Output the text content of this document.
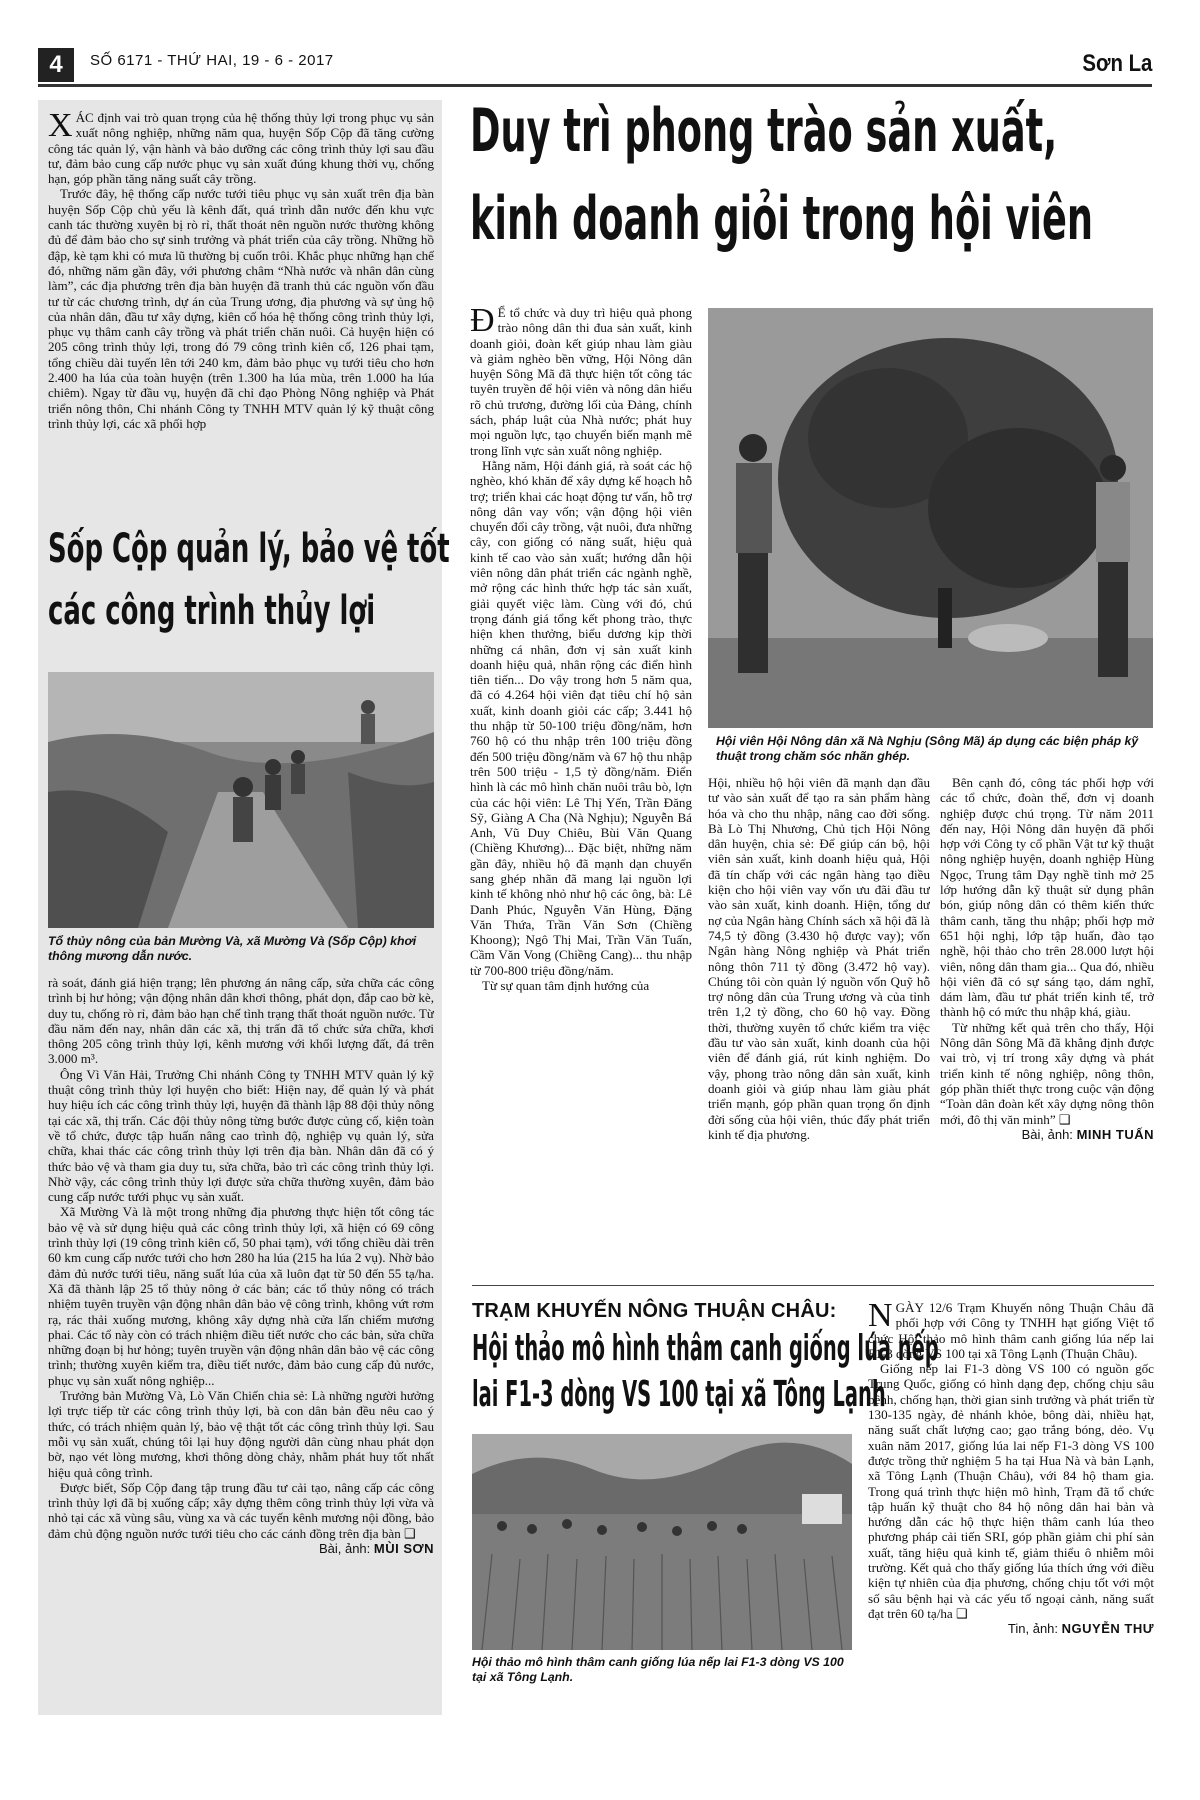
4	SỐ 6171 - THỨ HAI, 19 - 6 - 2017	Sơn La

XÁC định vai trò quan trọng của hệ thống thủy lợi trong phục vụ sản xuất nông nghiệp, những năm qua, huyện Sốp Cộp đã tăng cường công tác quản lý, vận hành và bảo dưỡng các công trình thủy lợi sau đầu tư, đảm bảo cung cấp nước phục vụ sản xuất đúng khung thời vụ, chống hạn, góp phần tăng năng suất cây trồng.

Trước đây, hệ thống cấp nước tưới tiêu phục vụ sản xuất trên địa bàn huyện Sốp Cộp chủ yếu là kênh đất, quá trình dẫn nước đến khu vực canh tác thường xuyên bị rò rỉ, thất thoát nên nguồn nước thường không đủ để đảm bảo cho sự sinh trưởng và phát triển của cây trồng. Những hồ đập, kè tạm khi có mưa lũ thường bị cuốn trôi. Khắc phục những hạn chế đó, những năm gần đây, với phương châm “Nhà nước và nhân dân cùng làm”, các địa phương trên địa bàn huyện đã tranh thủ các nguồn vốn đầu tư từ các chương trình, dự án của Trung ương, địa phương và sự ủng hộ của nhân dân, đầu tư xây dựng, kiên cố hóa hệ thống công trình thủy lợi, phục vụ thâm canh cây trồng và phát triển chăn nuôi. Cả huyện hiện có 205 công trình thủy lợi, trong đó 79 công trình kiên cố, 126 phai tạm, tổng chiều dài tuyến lên tới 240 km, đảm bảo phục vụ tưới tiêu cho hơn 2.400 ha lúa của toàn huyện (trên 1.300 ha lúa mùa, trên 1.000 ha lúa chiêm). Ngay từ đầu vụ, huyện đã chỉ đạo Phòng Nông nghiệp và Phát triển nông thôn, Chi nhánh Công ty TNHH MTV quản lý kỹ thuật công trình thủy lợi, các xã phối hợp

Sốp Cộp quản lý, bảo vệ tốt
các công trình thủy lợi
Tổ thủy nông của bản Mường Và, xã Mường Và (Sốp Cộp) khơi thông mương dẫn nước.

rà soát, đánh giá hiện trạng; lên phương án nâng cấp, sửa chữa các công trình bị hư hỏng; vận động nhân dân khơi thông, phát dọn, đắp cao bờ kè, duy tu, chống rò rỉ, đảm bảo hạn chế tình trạng thất thoát nguồn nước. Từ đầu năm đến nay, nhân dân các xã, thị trấn đã tổ chức sửa chữa, khơi thông 205 công trình thủy lợi, kênh mương với khối lượng đất, đá trên 3.000 m³.

Ông Vì Văn Hải, Trưởng Chi nhánh Công ty TNHH MTV quản lý kỹ thuật công trình thủy lợi huyện cho biết: Hiện nay, để quản lý và phát huy hiệu ích các công trình thủy lợi, huyện đã thành lập 88 đội thủy nông tại các xã, thị trấn. Các đội thủy nông từng bước được củng cố, kiện toàn về tổ chức, được tập huấn nâng cao trình độ, nghiệp vụ quản lý, sửa chữa, khai thác các công trình thủy lợi trên địa bàn. Nhân dân đã có ý thức bảo vệ và tham gia duy tu, sửa chữa, bảo trì các công trình thủy lợi. Nhờ vậy, các công trình thủy lợi được sửa chữa thường xuyên, đảm bảo cung cấp nước tưới phục vụ sản xuất.

Xã Mường Và là một trong những địa phương thực hiện tốt công tác bảo vệ và sử dụng hiệu quả các công trình thủy lợi, xã hiện có 69 công trình thủy lợi (19 công trình kiên cố, 50 phai tạm), với tổng chiều dài trên 60 km cung cấp nước tưới cho hơn 280 ha lúa (215 ha lúa 2 vụ). Nhờ bảo đảm đủ nước tưới tiêu, năng suất lúa của xã luôn đạt từ 50 đến 55 tạ/ha. Xã đã thành lập 25 tổ thủy nông ở các bản; các tổ thủy nông có trách nhiệm tuyên truyền vận động nhân dân bảo vệ công trình, không vứt rơm rạ, rác thải xuống mương, không xây dựng nhà cửa lấn chiếm mương phai. Các tổ này còn có trách nhiệm điều tiết nước cho các bản, sửa chữa những đoạn bị hư hỏng; tuyên truyền vận động nhân dân bảo vệ các công trình; thường xuyên kiểm tra, điều tiết nước, đảm bảo cung cấp đủ nước, phục vụ sản xuất nông nghiệp...

Trưởng bản Mường Và, Lò Văn Chiến chia sẻ: Là những người hưởng lợi trực tiếp từ các công trình thủy lợi, bà con dân bản đều nêu cao ý thức, có trách nhiệm quản lý, bảo vệ thật tốt các công trình thủy lợi. Sau mỗi vụ sản xuất, chúng tôi lại huy động người dân cùng nhau phát dọn bờ, nạo vét lòng mương, khơi thông dòng chảy, nhằm phát huy tốt nhất hiệu quả công trình.

Được biết, Sốp Cộp đang tập trung đầu tư cải tạo, nâng cấp các công trình thủy lợi đã bị xuống cấp; xây dựng thêm công trình thủy lợi vừa và nhỏ tại các xã vùng sâu, vùng xa và các tuyến kênh mương nội đồng, bảo đảm chủ động nguồn nước tưới tiêu cho các cánh đồng trên địa bàn ❑

Bài, ảnh: MÙI SƠN

Duy trì phong trào sản xuất,
kinh doanh giỏi trong hội viên
Hội viên Hội Nông dân xã Nà Nghịu (Sông Mã) áp dụng các biện pháp kỹ thuật trong chăm sóc nhãn ghép.

Đ Ể tổ chức và duy trì hiệu quả phong trào nông dân thi đua sản xuất, kinh doanh giỏi, đoàn kết giúp nhau làm giàu và giảm nghèo bền vững, Hội Nông dân huyện Sông Mã đã thực hiện tốt công tác tuyên truyền để hội viên và nông dân hiểu rõ chủ trương, đường lối của Đảng, chính sách, pháp luật của Nhà nước; phát huy mọi nguồn lực, tạo chuyển biến mạnh mẽ trong lĩnh vực sản xuất nông nghiệp.

Hằng năm, Hội đánh giá, rà soát các hộ nghèo, khó khăn để xây dựng kế hoạch hỗ trợ; triển khai các hoạt động tư vấn, hỗ trợ nông dân vay vốn; vận động hội viên chuyển đổi cây trồng, vật nuôi, đưa những cây, con giống có năng suất, hiệu quả kinh tế cao vào sản xuất; hướng dẫn hội viên nông dân phát triển các ngành nghề, mở rộng các hình thức hợp tác sản xuất, giải quyết việc làm. Cùng với đó, chú trọng đánh giá tổng kết phong trào, thực hiện khen thưởng, biểu dương kịp thời những cá nhân, đơn vị sản xuất kinh doanh hiệu quả, nhân rộng các điển hình tiên tiến... Do vậy trong hơn 5 năm qua, đã có 4.264 hội viên đạt tiêu chí hộ sản xuất, kinh doanh giỏi các cấp; 3.441 hộ thu nhập từ 50-100 triệu đồng/năm, hơn 760 hộ có thu nhập trên 100 triệu đồng đến 500 triệu đồng/năm và 67 hộ thu nhập trên 500 triệu - 1,5 tỷ đồng/năm. Điển hình là các mô hình chăn nuôi trâu bò, lợn của các hội viên: Lê Thị Yến, Trần Đăng Sỹ, Giàng A Cha (Nà Nghịu); Nguyễn Bá Anh, Vũ Duy Chiêu, Bùi Văn Quang (Chiềng Khương)... Đặc biệt, những năm gần đây, nhiều hộ đã mạnh dạn chuyển sang ghép nhãn đã mang lại nguồn lợi kinh tế không nhỏ như hộ các ông, bà: Lê Danh Phúc, Nguyễn Văn Hùng, Đặng Văn Thứa, Trần Văn Sơn (Chiềng Khoong); Ngô Thị Mai, Trần Văn Tuấn, Cầm Văn Vong (Chiềng Cang)... thu nhập từ 700-800 triệu đồng/năm.

Từ sự quan tâm định hướng của

Hội, nhiều hộ hội viên đã mạnh dạn đầu tư vào sản xuất để tạo ra sản phẩm hàng hóa và cho thu nhập, nâng cao đời sống. Bà Lò Thị Nhương, Chủ tịch Hội Nông dân huyện, chia sẻ: Để giúp cán bộ, hội viên sản xuất, kinh doanh hiệu quả, Hội đã tín chấp với các ngân hàng tạo điều kiện cho hội viên vay vốn ưu đãi đầu tư vào sản xuất, kinh doanh. Hiện, tổng dư nợ của Ngân hàng Chính sách xã hội đã là 74,5 tỷ đồng (3.430 hộ được vay); vốn Ngân hàng Nông nghiệp và Phát triển nông thôn 711 tỷ đồng (3.472 hộ vay). Chúng tôi còn quản lý nguồn vốn Quỹ hỗ trợ nông dân của Trung ương và của tỉnh trên 1,2 tỷ đồng, cho 60 hộ vay. Đồng thời, thường xuyên tổ chức kiểm tra việc đầu tư vào sản xuất, kinh doanh của hội viên để đánh giá, rút kinh nghiệm. Do vậy, phong trào nông dân sản xuất, kinh doanh giỏi và giúp nhau làm giàu phát triển mạnh, góp phần quan trọng ổn định đời sống của hội viên, thúc đẩy phát triển kinh tế địa phương.

Bên cạnh đó, công tác phối hợp với các tổ chức, đoàn thể, đơn vị doanh nghiệp được chú trọng. Từ năm 2011 đến nay, Hội Nông dân huyện đã phối hợp với Công ty cổ phần Vật tư kỹ thuật nông nghiệp huyện, doanh nghiệp Hùng Ngọc, Trung tâm Dạy nghề tỉnh mở 25 lớp hướng dẫn kỹ thuật sử dụng phân bón, giúp nông dân có thêm kiến thức thâm canh, tăng thu nhập; phối hợp mở 651 hội nghị, lớp tập huấn, đào tạo nghề, hội thảo cho trên 28.000 lượt hội viên, nông dân tham gia... Qua đó, nhiều hội viên đã có sự sáng tạo, dám nghĩ, dám làm, đầu tư phát triển kinh tế, trở thành hộ có mức thu nhập khá, giàu.

Từ những kết quả trên cho thấy, Hội Nông dân Sông Mã đã khẳng định được vai trò, vị trí trong xây dựng và phát triển kinh tế nông nghiệp, nông thôn, góp phần thiết thực trong cuộc vận động “Toàn dân đoàn kết xây dựng nông thôn mới, đô thị văn minh” ❑

Bài, ảnh: MINH TUẤN

TRẠM KHUYẾN NÔNG THUẬN CHÂU:
Hội thảo mô hình thâm canh giống lúa nếp
lai F1-3 dòng VS 100 tại xã Tông Lạnh
Hội thảo mô hình thâm canh giống lúa nếp lai F1-3 dòng VS 100 tại xã Tông Lạnh.

NGÀY 12/6 Trạm Khuyến nông Thuận Châu đã phối hợp với Công ty TNHH hạt giống Việt tổ chức Hội thảo mô hình thâm canh giống lúa nếp lai F1-3 dòng VS 100 tại xã Tông Lạnh (Thuận Châu).

Giống nếp lai F1-3 dòng VS 100 có nguồn gốc Trung Quốc, giống có hình dạng đẹp, chống chịu sâu bệnh, chống hạn, thời gian sinh trưởng và phát triển từ 130-135 ngày, đẻ nhánh khỏe, bông dài, nhiều hạt, năng suất chất lượng cao; gạo trắng bóng, dẻo. Vụ xuân năm 2017, giống lúa lai nếp F1-3 dòng VS 100 được trồng thử nghiệm 5 ha tại Hua Nà và bản Lạnh, xã Tông Lạnh (Thuận Châu), với 84 hộ tham gia. Trong quá trình thực hiện mô hình, Trạm đã tổ chức tập huấn kỹ thuật cho 84 hộ nông dân hai bản và hướng dẫn các hộ thực hiện thâm canh lúa theo phương pháp cải tiến SRI, góp phần giảm chi phí sản xuất, tăng hiệu quả kinh tế, giảm thiểu ô nhiễm môi trường. Kết quả cho thấy giống lúa thích ứng với điều kiện tự nhiên của địa phương, chống chịu tốt với một số sâu bệnh hại và các yếu tố ngoại cảnh, năng suất đạt trên 60 tạ/ha ❑

Tin, ảnh: NGUYỄN THƯ
